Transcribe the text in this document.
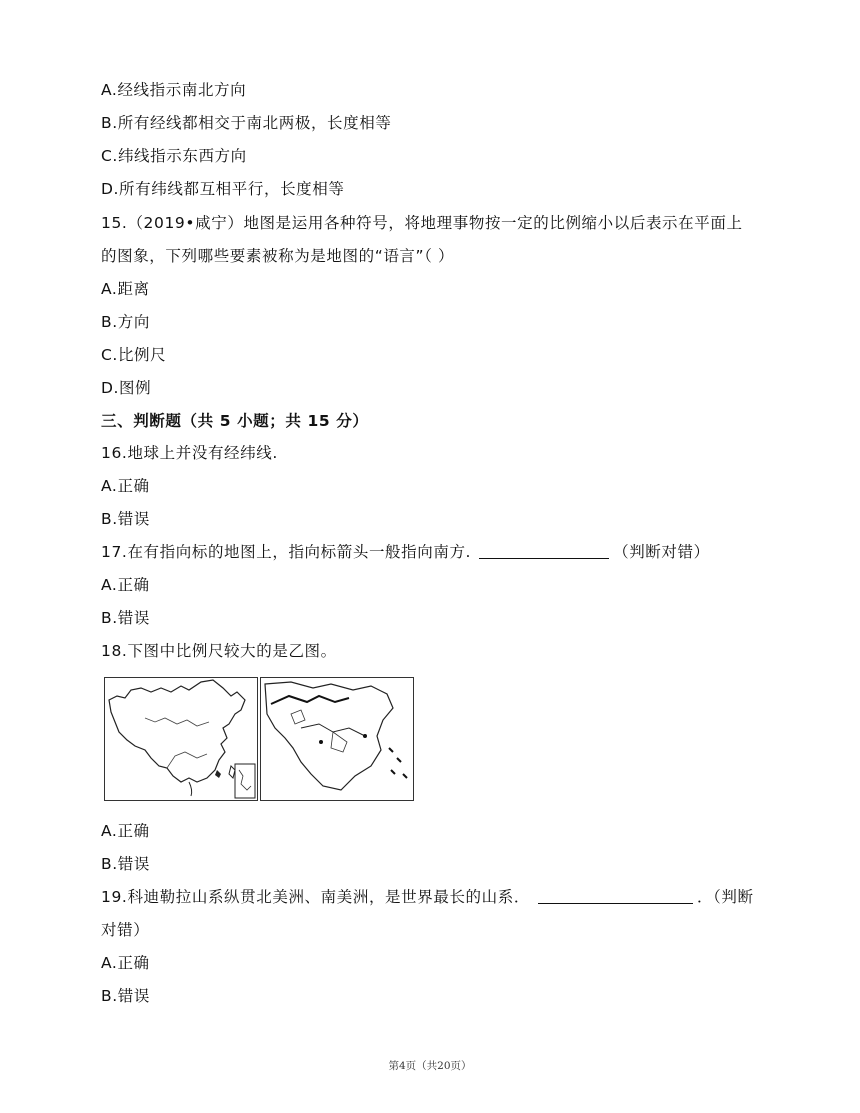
A.经线指示南北方向
B.所有经线都相交于南北两极，长度相等
C.纬线指示东西方向
D.所有纬线都互相平行，长度相等
15.（2019•咸宁）地图是运用各种符号，将地理事物按一定的比例缩小以后表示在平面上
的图象，下列哪些要素被称为是地图的“语言”（ ）
A.距离
B.方向
C.比例尺
D.图例
三、判断题（共 5 小题；共 15 分）
16.地球上并没有经纬线.
A.正确
B.错误
17.在有指向标的地图上，指向标箭头一般指向南方.	（判断对错）
A.正确
B.错误
18.下图中比例尺较大的是乙图。
A.正确
B.错误
19.科迪勒拉山系纵贯北美洲、南美洲，是世界最长的山系．	．（判断
对错）
A.正确
B.错误
第4页（共20页）
